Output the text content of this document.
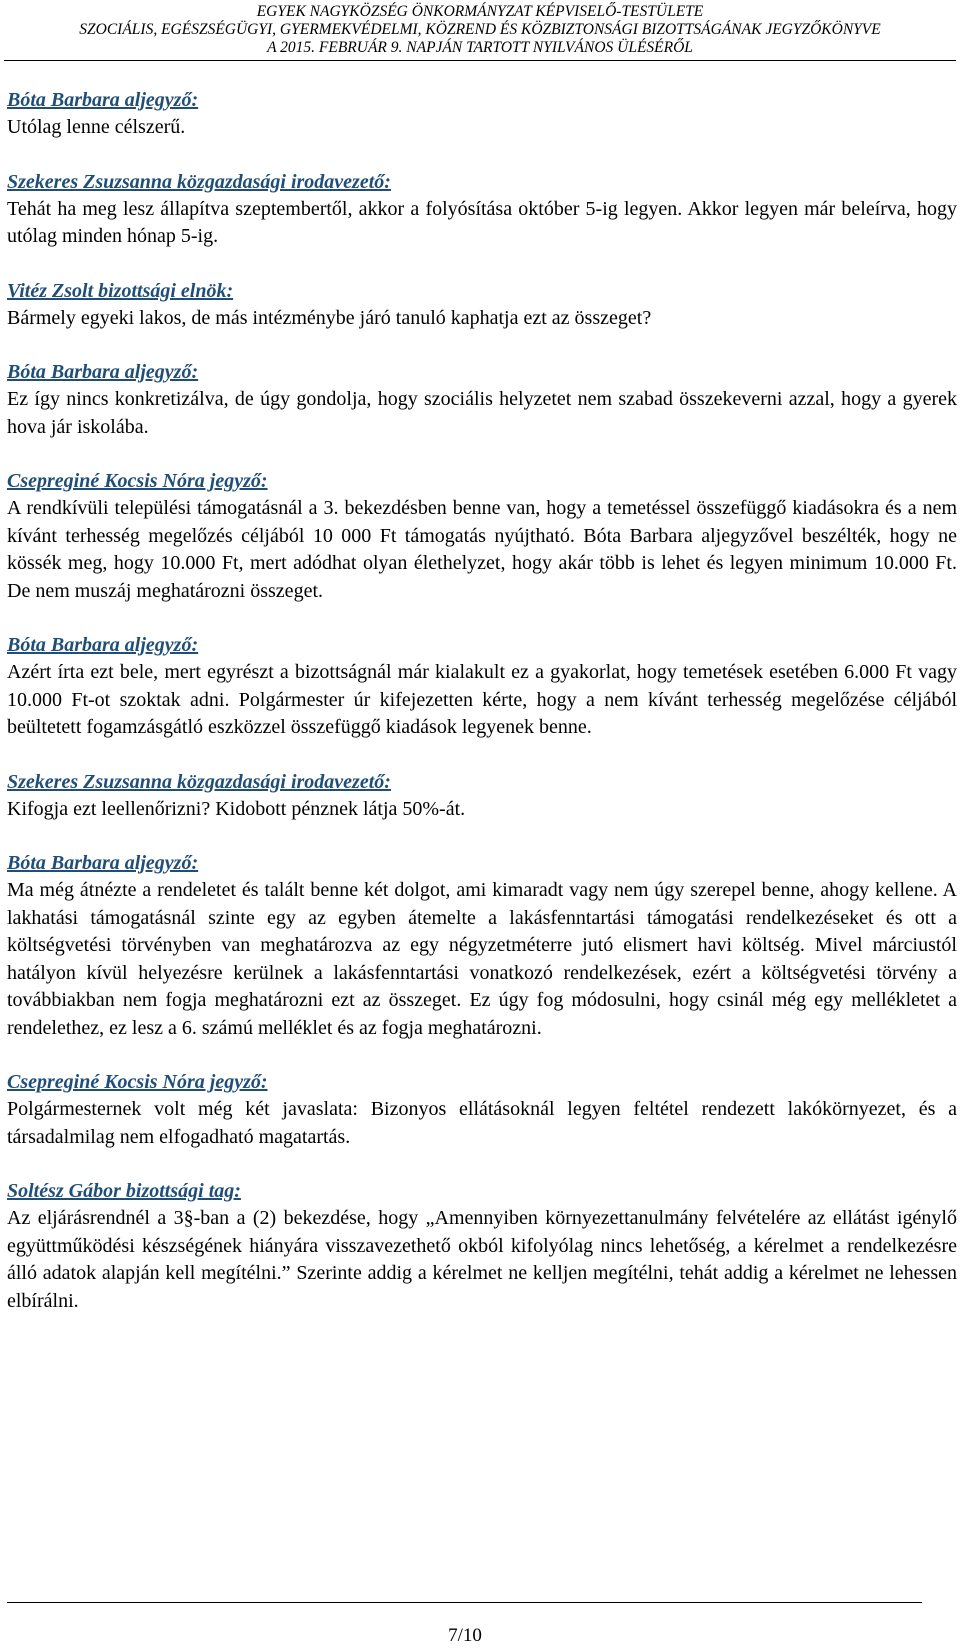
EGYEK NAGYKÖZSÉG ÖNKORMÁNYZAT KÉPVISELŐ-TESTÜLETE
SZOCIÁLIS, EGÉSZSÉGÜGYI, GYERMEKVÉDELMI, KÖZREND ÉS KÖZBIZTONSÁGI BIZOTTSÁGÁNAK JEGYZŐKÖNYVE
A 2015. FEBRUÁR 9. NAPJÁN TARTOTT NYILVÁNOS ÜLÉSÉRŐL
Bóta Barbara aljegyző:

Utólag lenne célszerű.

Szekeres Zsuzsanna közgazdasági irodavezető:

Tehát ha meg lesz állapítva szeptembertől, akkor a folyósítása október 5-ig legyen. Akkor legyen már beleírva, hogy utólag minden hónap 5-ig.

Vitéz Zsolt bizottsági elnök:

Bármely egyeki lakos, de más intézménybe járó tanuló kaphatja ezt az összeget?

Bóta Barbara aljegyző:

Ez így nincs konkretizálva, de úgy gondolja, hogy szociális helyzetet nem szabad összekeverni azzal, hogy a gyerek hova jár iskolába.

Csepreginé Kocsis Nóra jegyző:

A rendkívüli települési támogatásnál a 3. bekezdésben benne van, hogy a temetéssel összefüggő kiadásokra és a nem kívánt terhesség megelőzés céljából 10 000 Ft támogatás nyújtható. Bóta Barbara aljegyzővel beszélték, hogy ne kössék meg, hogy 10.000 Ft, mert adódhat olyan élethelyzet, hogy akár több is lehet és legyen minimum 10.000 Ft. De nem muszáj meghatározni összeget.

Bóta Barbara aljegyző:

Azért írta ezt bele, mert egyrészt a bizottságnál már kialakult ez a gyakorlat, hogy temetések esetében 6.000 Ft vagy 10.000 Ft-ot szoktak adni. Polgármester úr kifejezetten kérte, hogy a nem kívánt terhesség megelőzése céljából beültetett fogamzásgátló eszközzel összefüggő kiadások legyenek benne.

Szekeres Zsuzsanna közgazdasági irodavezető:

Kifogja ezt leellenőrizni? Kidobott pénznek látja 50%-át.

Bóta Barbara aljegyző:

Ma még átnézte a rendeletet és talált benne két dolgot, ami kimaradt vagy nem úgy szerepel benne, ahogy kellene. A lakhatási támogatásnál szinte egy az egyben átemelte a lakásfenntartási támogatási rendelkezéseket és ott a költségvetési törvényben van meghatározva az egy négyzetméterre jutó elismert havi költség. Mivel márciustól hatályon kívül helyezésre kerülnek a lakásfenntartási vonatkozó rendelkezések, ezért a költségvetési törvény a továbbiakban nem fogja meghatározni ezt az összeget. Ez úgy fog módosulni, hogy csinál még egy mellékletet a rendelethez, ez lesz a 6. számú melléklet és az fogja meghatározni.

Csepreginé Kocsis Nóra jegyző:

Polgármesternek volt még két javaslata: Bizonyos ellátásoknál legyen feltétel rendezett lakókörnyezet, és a társadalmilag nem elfogadható magatartás.

Soltész Gábor bizottsági tag:

Az eljárásrendnél a 3§-ban a (2) bekezdése, hogy „Amennyiben környezettanulmány felvételére az ellátást igénylő együttműködési készségének hiányára visszavezethető okból kifolyólag nincs lehetőség, a kérelmet a rendelkezésre álló adatok alapján kell megítélni.” Szerinte addig a kérelmet ne kelljen megítélni, tehát addig a kérelmet ne lehessen elbírálni.

7/10
